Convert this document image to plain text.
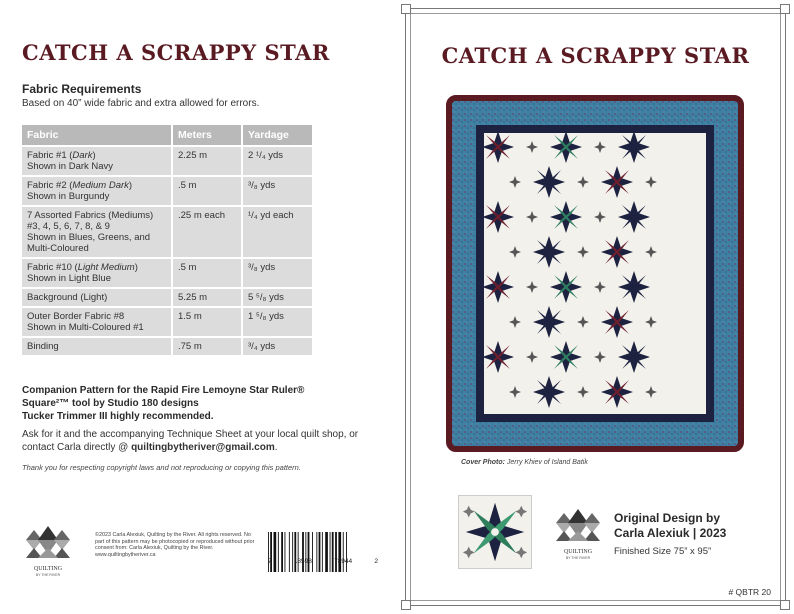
CATCH A SCRAPPY STAR
Fabric Requirements
Based on 40” wide fabric and extra allowed for errors.
Fabric	Meters	Yardage
Fabric #1 (Dark)
Shown in Dark Navy	2.25 m	2 ¹/₄ yds
Fabric #2 (Medium Dark)
Shown in Burgundy	.5 m	³/₈ yds
7 Assorted Fabrics (Mediums)
#3, 4, 5, 6, 7, 8, & 9
Shown in Blues, Greens, and
Multi-Coloured	.25 m each	¹/₄ yd each
Fabric #10 (Light Medium)
Shown in Light Blue	.5 m	³/₈ yds
Background (Light)	5.25 m	5 ⁵/₈ yds
Outer Border Fabric #8
Shown in Multi-Coloured #1	1.5 m	1 ⁵/₈ yds
Binding	.75 m	³/₄ yds
Companion Pattern for the Rapid Fire Lemoyne Star Ruler®
Square²™ tool by Studio 180 designs
Tucker Trimmer III highly recommended.
Ask for it and the accompanying Technique Sheet at your local quilt shop, or contact Carla directly @ quiltingbytheriver@gmail.com.
Thank you for respecting copyright laws and not reproducing or copying this pattern.
QUILTING
BY THE RIVER
©2023 Carla Alexiuk, Quilting by the River. All rights reserved. No part of this pattern may be photocopied or reproduced without prior consent from: Carla Alexiuk, Quilting by the River. www.quiltingbytheriver.ca
7	18598	78944	2
CATCH A SCRAPPY STAR
Cover Photo: Jerry Khiev of Island Batik
QUILTING
BY THE RIVER
Original Design by
Carla Alexiuk | 2023
Finished Size 75” x 95”
# QBTR 20
